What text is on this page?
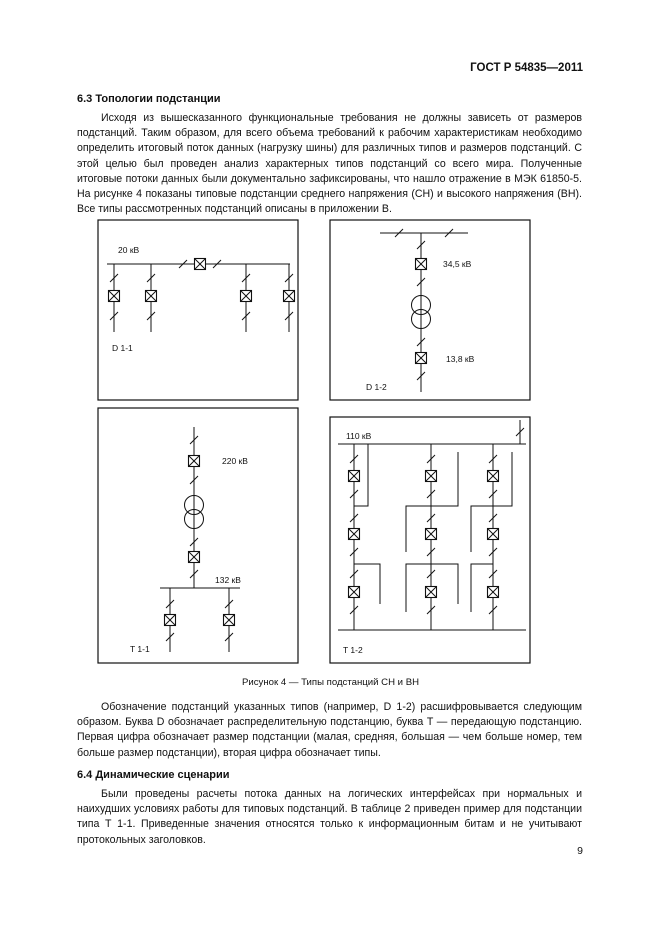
ГОСТ Р 54835—2011
6.3 Топологии подстанции

Исходя из вышесказанного функциональные требования не должны зависеть от размеров подстанций. Таким образом, для всего объема требований к рабочим характеристикам необходимо определить итоговый поток данных (нагрузку шины) для различных типов и размеров подстанций. С этой целью был проведен анализ характерных типов подстанций со всего мира. Полученные итоговые потоки данных были документально зафиксированы, что нашло отражение в МЭК 61850-5. На рисунке 4 показаны типовые подстанции среднего напряжения (СН) и высокого напряжения (ВН). Все типы рассмотренных подстанций описаны в приложении В.

20 кВ
D 1-1
34,5 кВ
13,8 кВ
D 1-2
220 кВ
132 кВ
T 1-1
110 кВ
T 1-2
Рисунок 4 — Типы подстанций СН и ВН

Обозначение подстанций указанных типов (например, D 1-2) расшифровывается следующим образом. Буква D обозначает распределительную подстанцию, буква T — передающую подстанцию. Первая цифра обозначает размер подстанции (малая, средняя, большая — чем больше номер, тем больше размер подстанции), вторая цифра обозначает типы.

6.4 Динамические сценарии

Были проведены расчеты потока данных на логических интерфейсах при нормальных и наихудших условиях работы для типовых подстанций. В таблице 2 приведен пример для подстанции типа Т 1-1. Приведенные значения относятся только к информационным битам и не учитывают протокольных заголовков.

9
